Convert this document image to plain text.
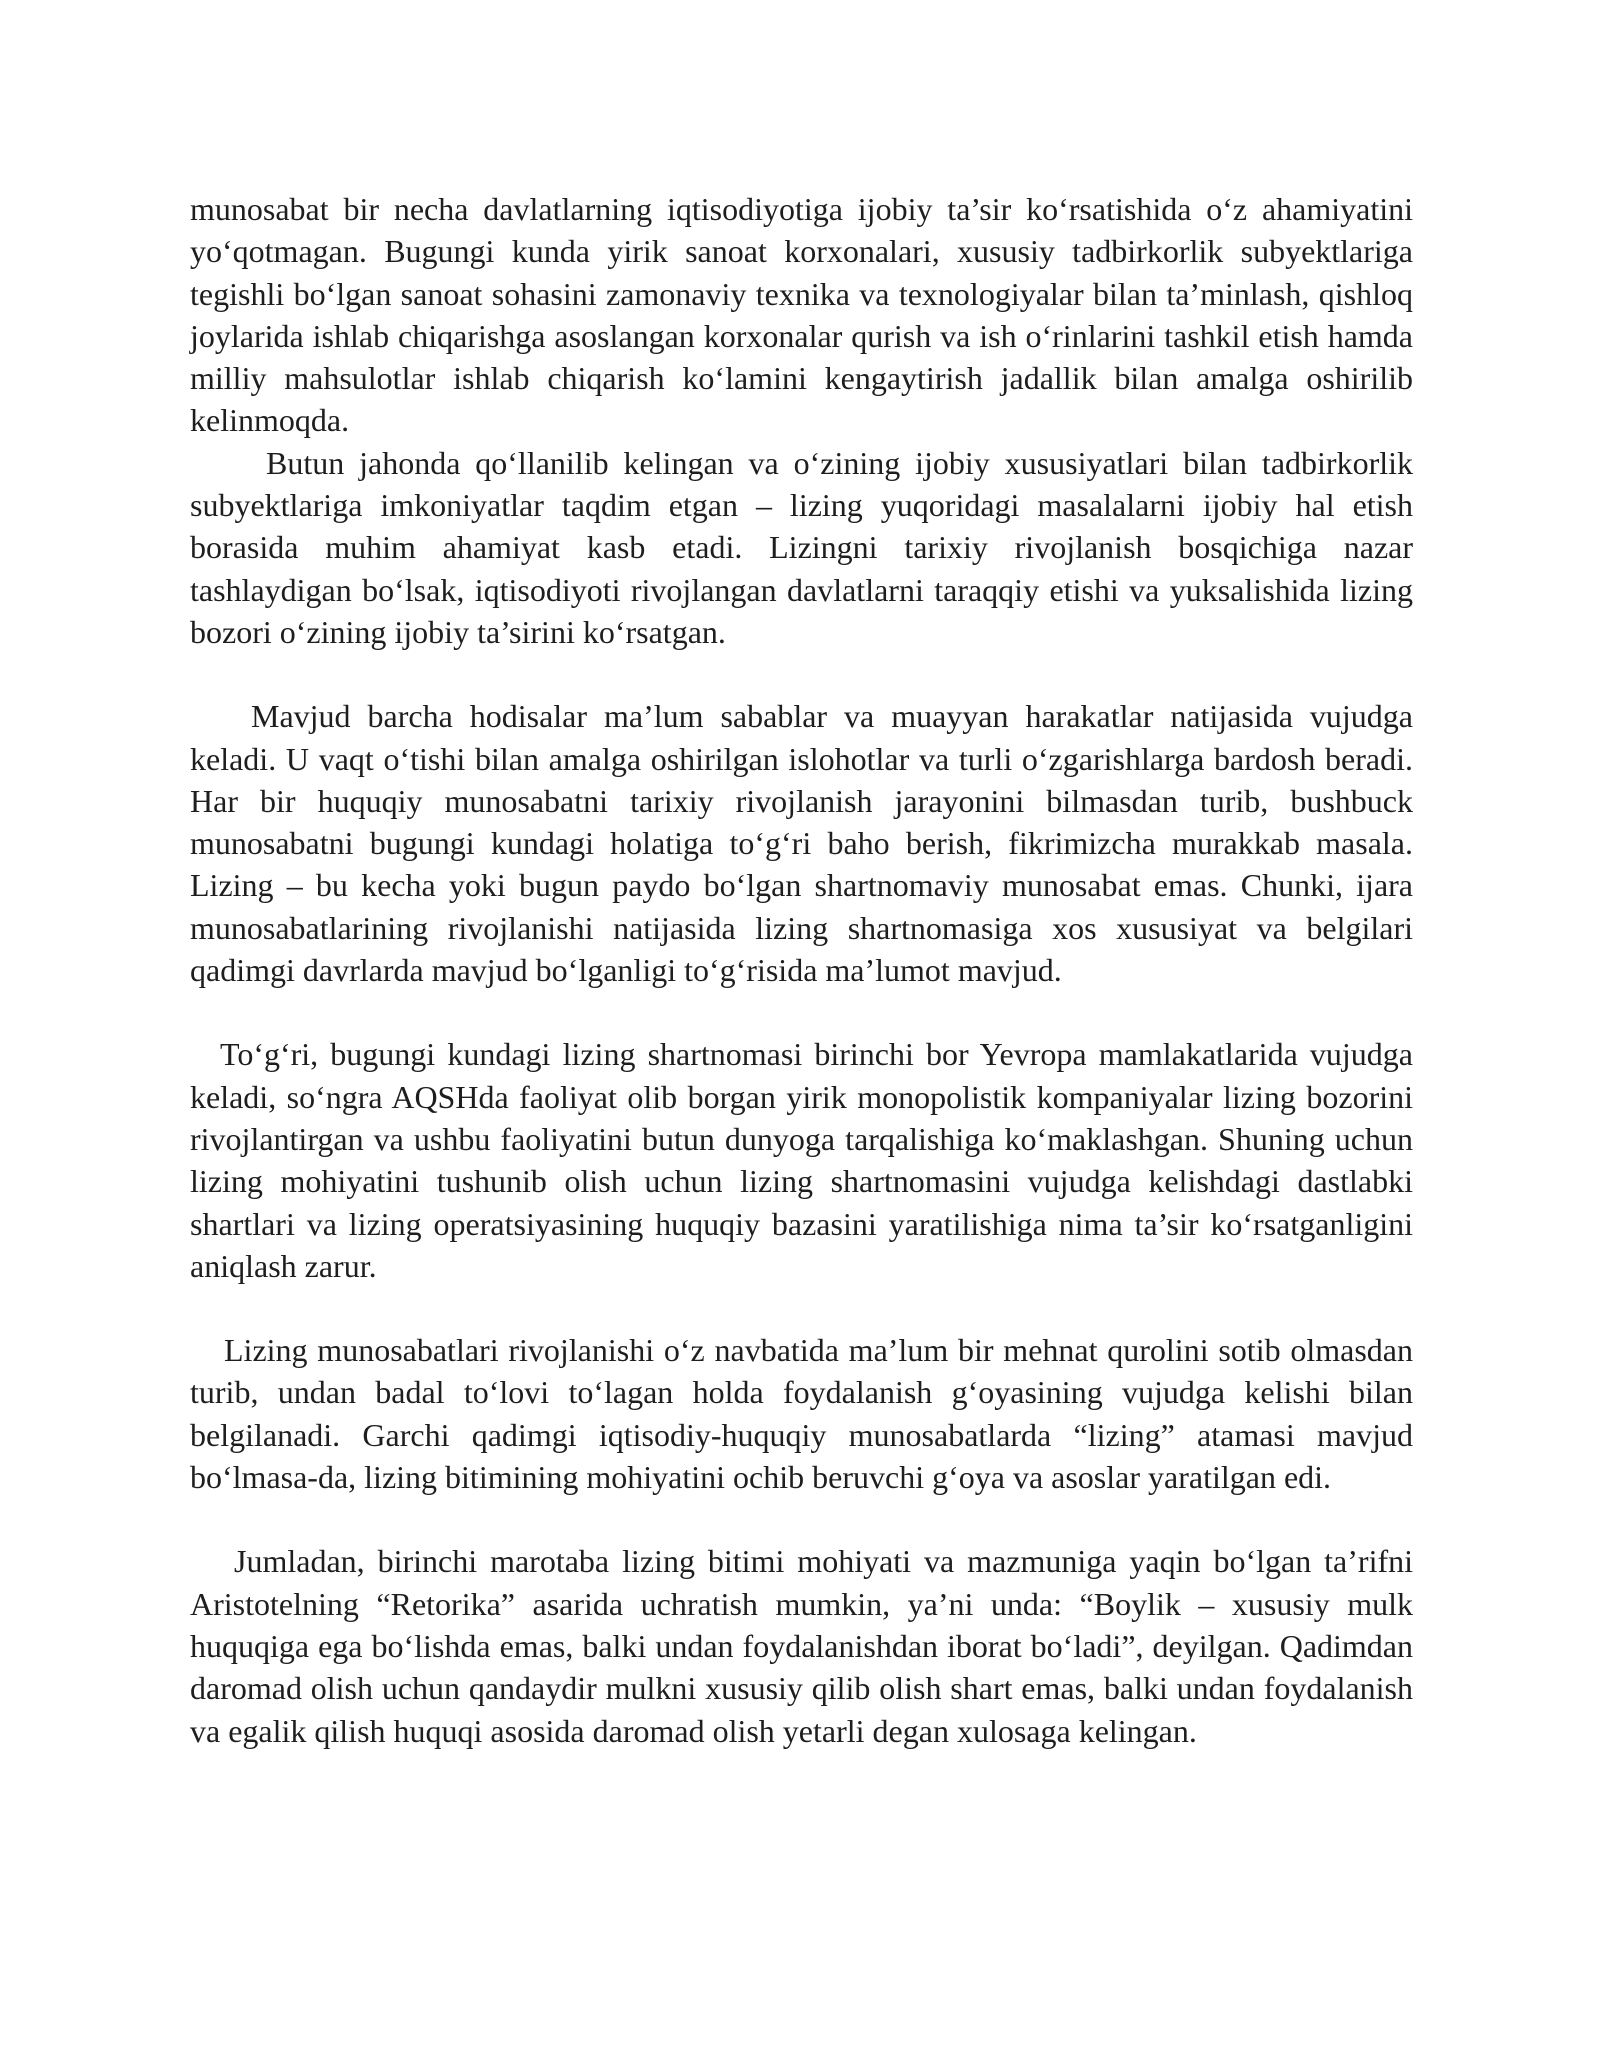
munosabat bir necha davlatlarning iqtisodiyotiga ijobiy ta’sir ko‘rsatishida o‘z ahamiyatini yo‘qotmagan. Bugungi kunda yirik sanoat korxonalari, xususiy tadbirkorlik subyektlariga tegishli bo‘lgan sanoat sohasini zamonaviy texnika va texnologiyalar bilan ta’minlash, qishloq joylarida ishlab chiqarishga asoslangan korxonalar qurish va ish o‘rinlarini tashkil etish hamda milliy mahsulotlar ishlab chiqarish ko‘lamini kengaytirish jadallik bilan amalga oshirilib kelinmoqda.

Butun jahonda qo‘llanilib kelingan va o‘zining ijobiy xususiyatlari bilan tadbirkorlik subyektlariga imkoniyatlar taqdim etgan – lizing yuqoridagi masalalarni ijobiy hal etish borasida muhim ahamiyat kasb etadi. Lizingni tarixiy rivojlanish bosqichiga nazar tashlaydigan bo‘lsak, iqtisodiyoti rivojlangan davlatlarni taraqqiy etishi va yuksalishida lizing bozori o‘zining ijobiy ta’sirini ko‘rsatgan.

Mavjud barcha hodisalar ma’lum sabablar va muayyan harakatlar natijasida vujudga keladi. U vaqt o‘tishi bilan amalga oshirilgan islohotlar va turli o‘zgarishlarga bardosh beradi. Har bir huquqiy munosabatni tarixiy rivojlanish jarayonini bilmasdan turib, bushbuck munosabatni bugungi kundagi holatiga to‘g‘ri baho berish, fikrimizcha murakkab masala. Lizing – bu kecha yoki bugun paydo bo‘lgan shartnomaviy munosabat emas. Chunki, ijara munosabatlarining rivojlanishi natijasida lizing shartnomasiga xos xususiyat va belgilari qadimgi davrlarda mavjud bo‘lganligi to‘g‘risida ma’lumot mavjud.

To‘g‘ri, bugungi kundagi lizing shartnomasi birinchi bor Yevropa mamlakatlarida vujudga keladi, so‘ngra AQSHda faoliyat olib borgan yirik monopolistik kompaniyalar lizing bozorini rivojlantirgan va ushbu faoliyatini butun dunyoga tarqalishiga ko‘maklashgan. Shuning uchun lizing mohiyatini tushunib olish uchun lizing shartnomasini vujudga kelishdagi dastlabki shartlari va lizing operatsiyasining huquqiy bazasini yaratilishiga nima ta’sir ko‘rsatganligini aniqlash zarur.

Lizing munosabatlari rivojlanishi o‘z navbatida ma’lum bir mehnat qurolini sotib olmasdan turib, undan badal to‘lovi to‘lagan holda foydalanish g‘oyasining vujudga kelishi bilan belgilanadi. Garchi qadimgi iqtisodiy-huquqiy munosabatlarda “lizing” atamasi mavjud bo‘lmasa-da, lizing bitimining mohiyatini ochib beruvchi g‘oya va asoslar yaratilgan edi.

Jumladan, birinchi marotaba lizing bitimi mohiyati va mazmuniga yaqin bo‘lgan ta’rifni Aristotelning “Retorika” asarida uchratish mumkin, ya’ni unda: “Boylik – xususiy mulk huquqiga ega bo‘lishda emas, balki undan foydalanishdan iborat bo‘ladi”, deyilgan. Qadimdan daromad olish uchun qandaydir mulkni xususiy qilib olish shart emas, balki undan foydalanish va egalik qilish huquqi asosida daromad olish yetarli degan xulosaga kelingan.
